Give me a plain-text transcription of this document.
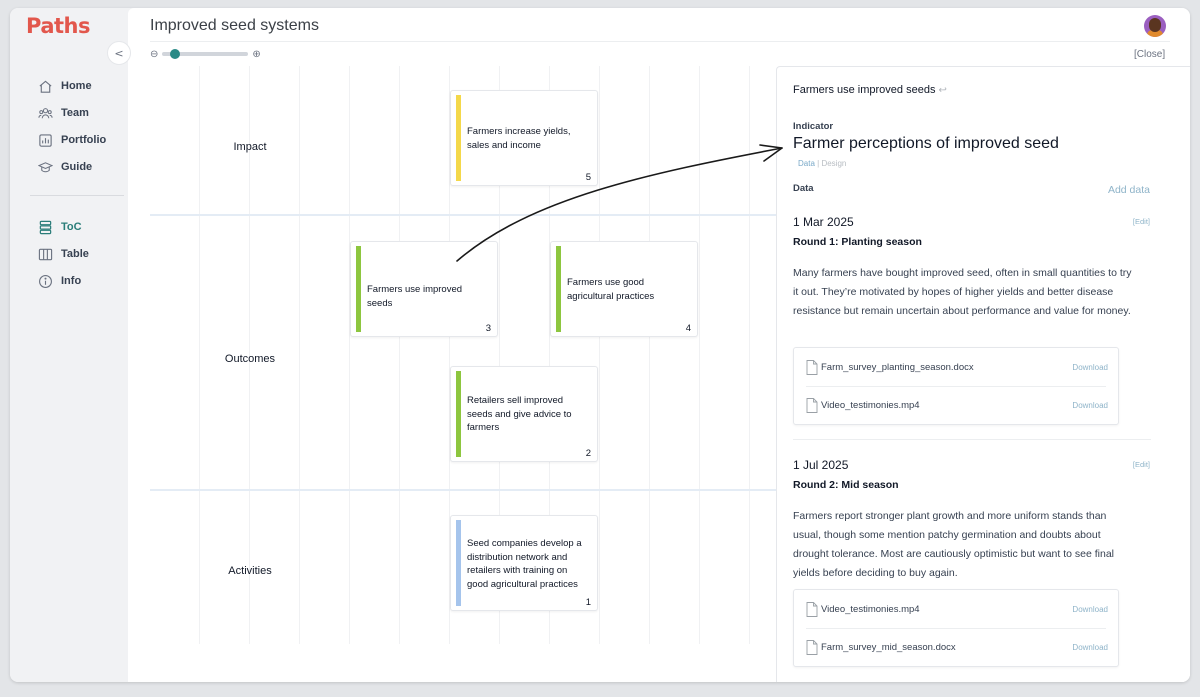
Paths
Home
Team
Portfolio
Guide
ToC
Table
Info
<
Improved seed systems
⊖	⊕	[Close]
Impact
Outcomes
Activities
Farmers increase yields, sales and income
5
Farmers use improved seeds
3
Farmers use good agricultural practices
4
Retailers sell improved seeds and give advice to farmers
2
Seed companies develop a distribution network and retailers with training on good agricultural practices
1
Farmers use improved seeds ↩
Indicator
Farmer perceptions of improved seed
Data | Design
Data	Add data
1 Mar 2025	[Edit]
Round 1: Planting season
Many farmers have bought improved seed, often in small quantities to try it out. They’re motivated by hopes of higher yields and better disease resistance but remain uncertain about performance and value for money.
Farm_survey_planting_season.docx	Download
Video_testimonies.mp4	Download
1 Jul 2025	[Edit]
Round 2: Mid season
Farmers report stronger plant growth and more uniform stands than usual, though some mention patchy germination and doubts about drought tolerance. Most are cautiously optimistic but want to see final yields before deciding to buy again.
Video_testimonies.mp4	Download
Farm_survey_mid_season.docx	Download
